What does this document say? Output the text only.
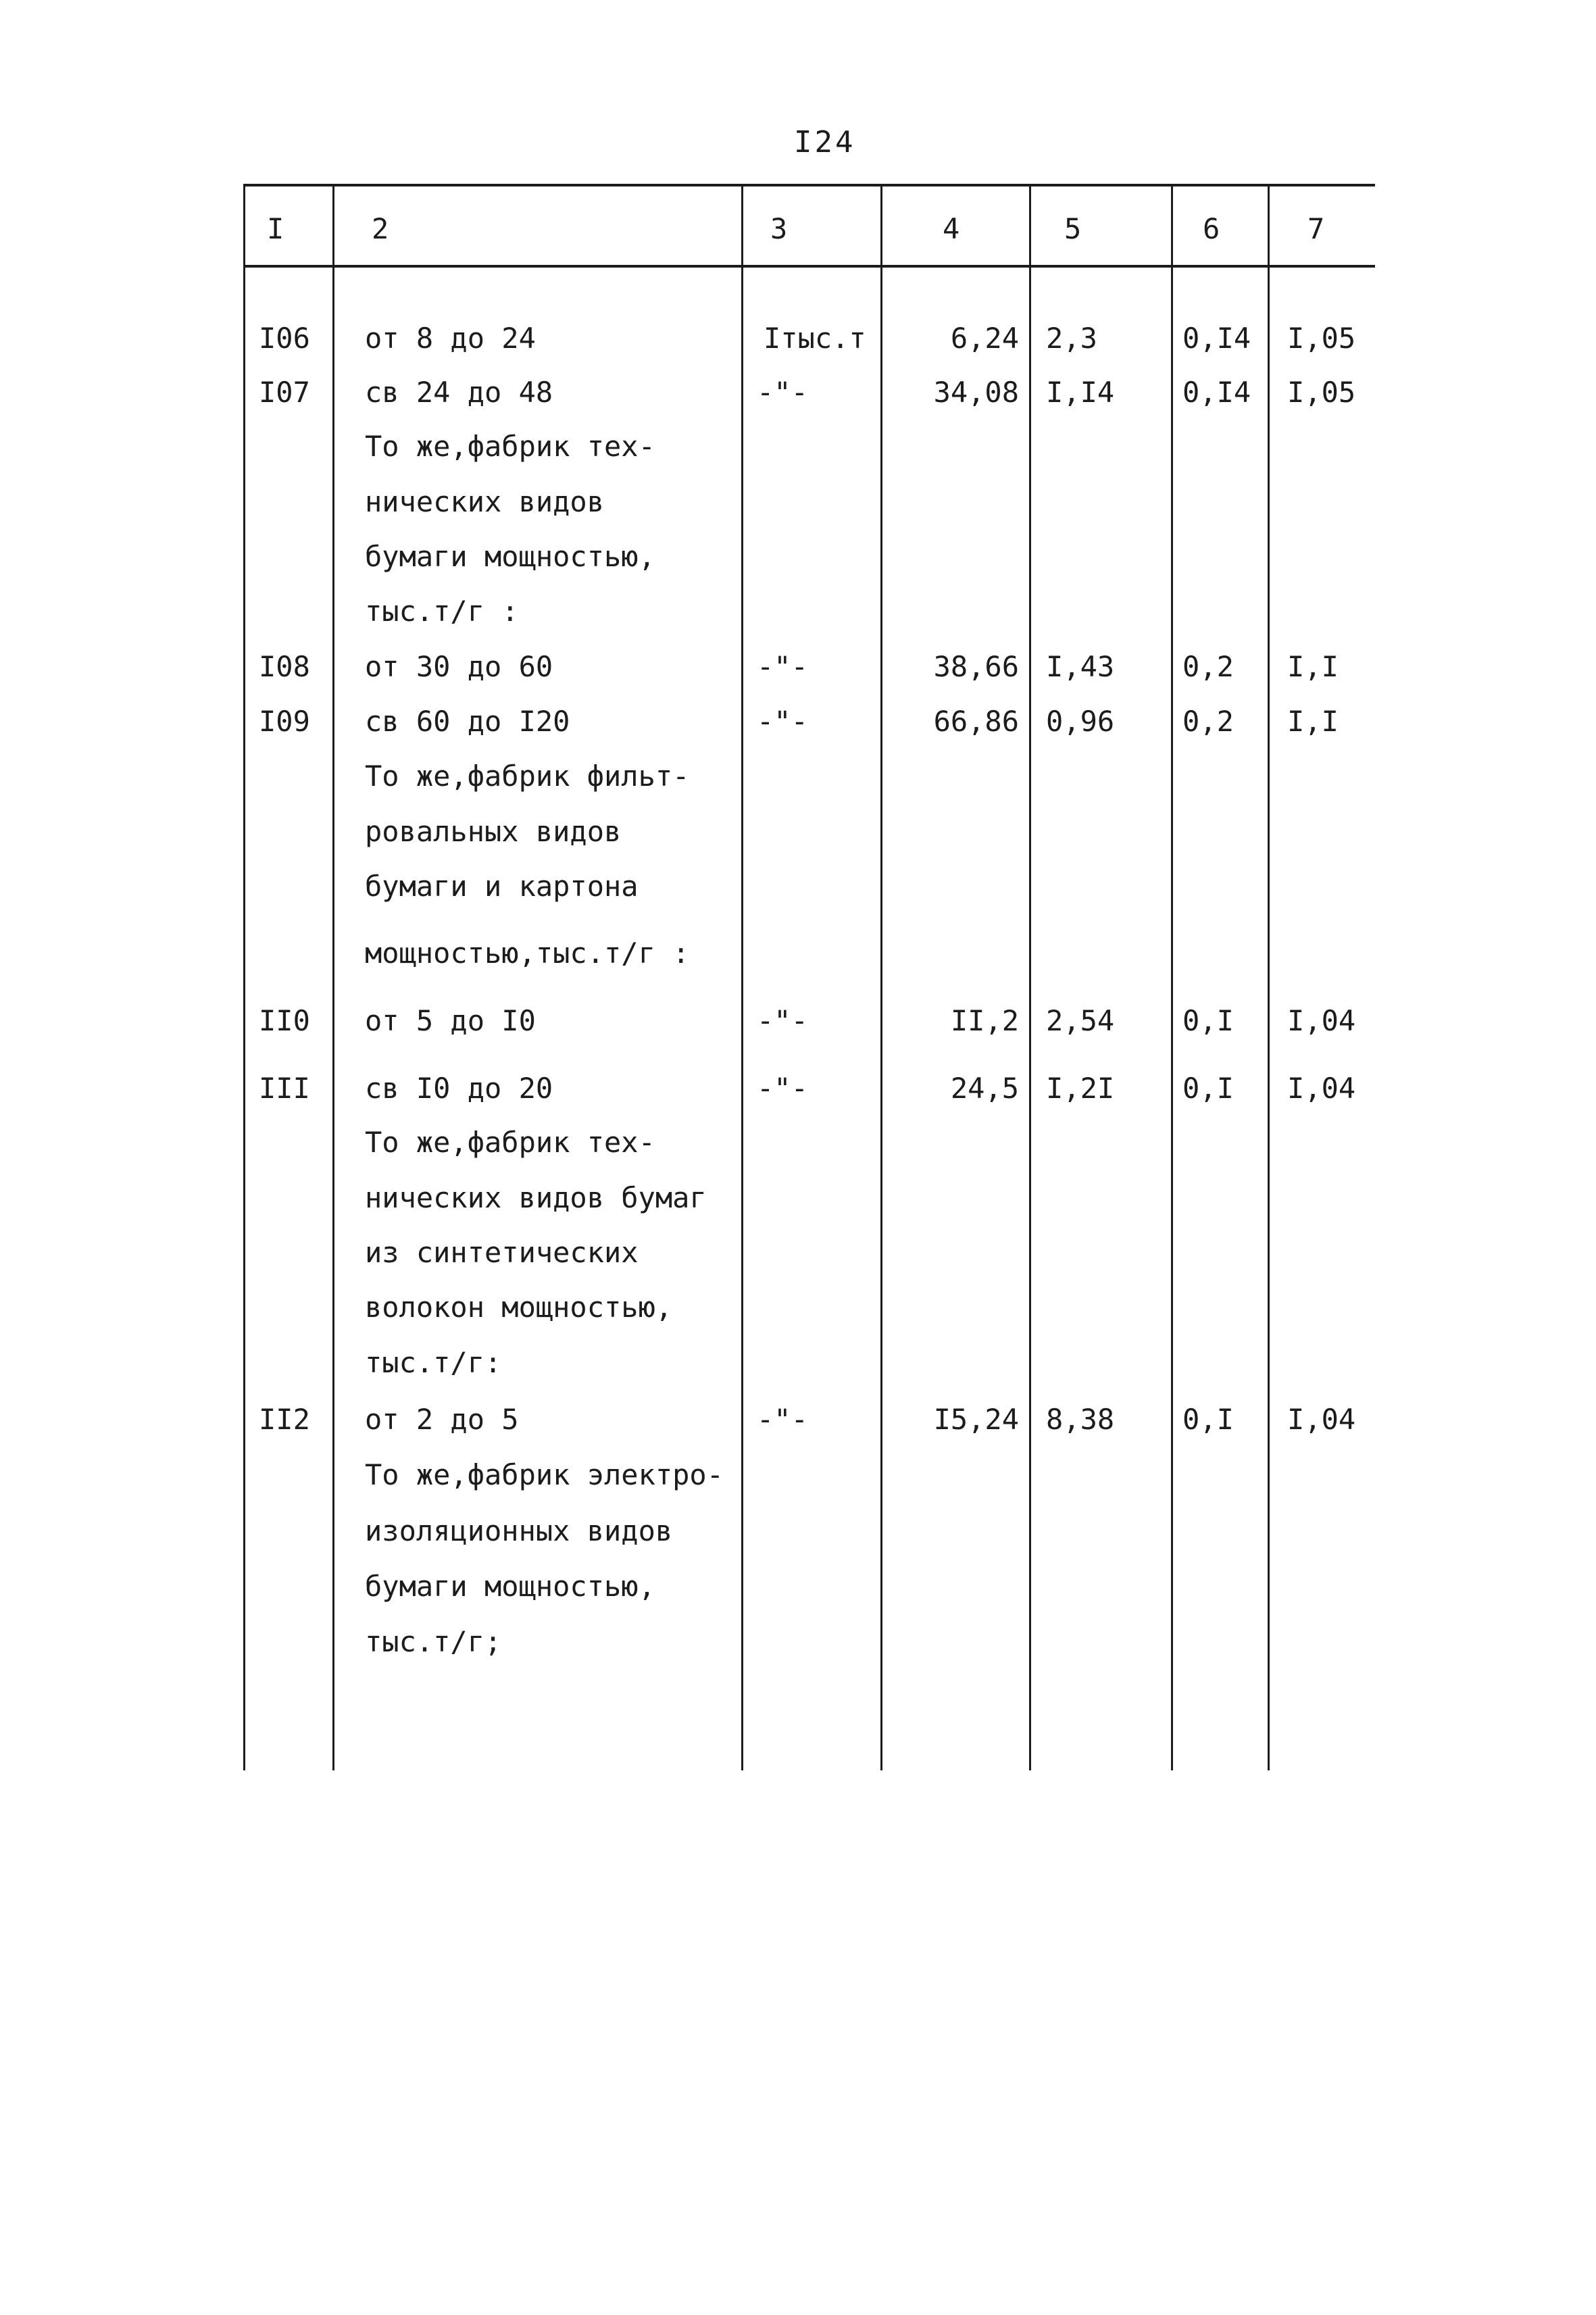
I24
I	2	3	4	5	6	7
I06 от 8 до 24	Iтыс.т	6,24 2,3	0,I4 I,05
I07 св 24 до 48	-"-	34,08 I,I4 0,I4 I,05
То же,фабрик тех-
нических видов
бумаги мощностью,
тыс.т/г :
I08 от 30 до 60	-"-	38,66 I,43 0,2 I,I
I09 св 60 до I20	-"-	66,86 0,96 0,2 I,I
То же,фабрик фильт-
ровальных видов
бумаги и картона
мощностью,тыс.т/г :
II0 от 5 до I0	-"-	II,2 2,54 0,I I,04
III св I0 до 20	-"-	24,5 I,2I 0,I I,04
То же,фабрик тех-
нических видов бумаг
из синтетических
волокон мощностью,
тыс.т/г:
II2 от 2 до 5	-"-	I5,24 8,38 0,I I,04
То же,фабрик электро-
изоляционных видов
бумаги мощностью,
тыс.т/г;
